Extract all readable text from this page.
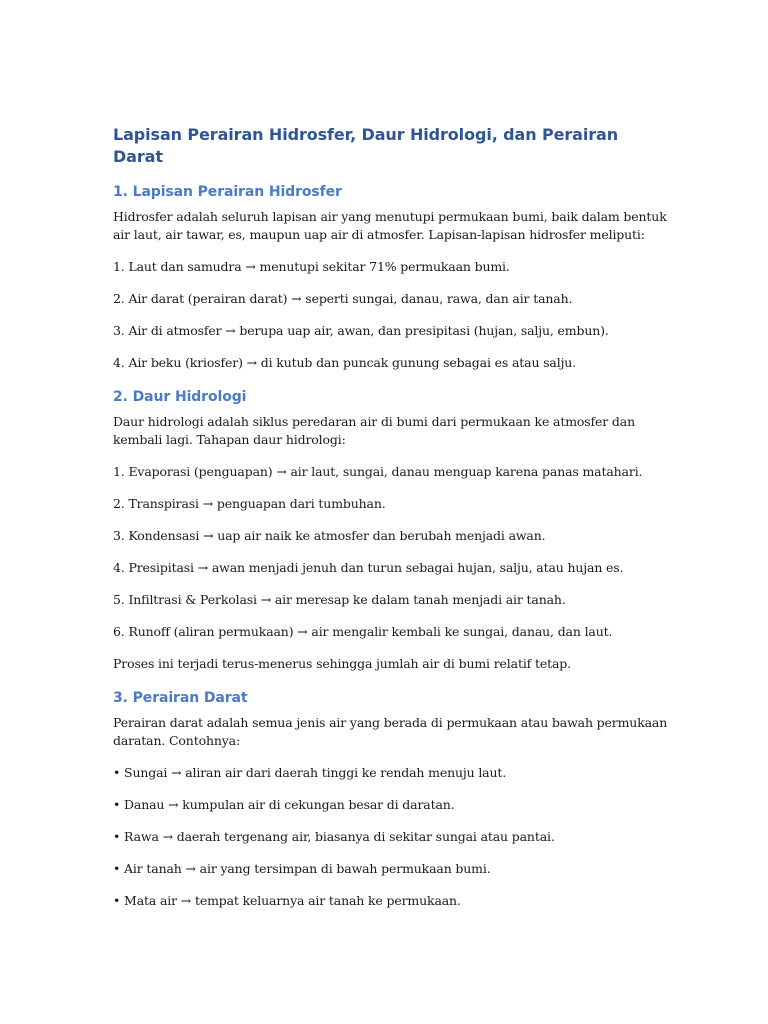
Lapisan Perairan Hidrosfer, Daur Hidrologi, dan Perairan Darat
1. Lapisan Perairan Hidrosfer

Hidrosfer adalah seluruh lapisan air yang menutupi permukaan bumi, baik dalam bentuk air laut, air tawar, es, maupun uap air di atmosfer. Lapisan-lapisan hidrosfer meliputi:

1. Laut dan samudra → menutupi sekitar 71% permukaan bumi.

2. Air darat (perairan darat) → seperti sungai, danau, rawa, dan air tanah.

3. Air di atmosfer → berupa uap air, awan, dan presipitasi (hujan, salju, embun).

4. Air beku (kriosfer) → di kutub dan puncak gunung sebagai es atau salju.

2. Daur Hidrologi

Daur hidrologi adalah siklus peredaran air di bumi dari permukaan ke atmosfer dan kembali lagi. Tahapan daur hidrologi:

1. Evaporasi (penguapan) → air laut, sungai, danau menguap karena panas matahari.

2. Transpirasi → penguapan dari tumbuhan.

3. Kondensasi → uap air naik ke atmosfer dan berubah menjadi awan.

4. Presipitasi → awan menjadi jenuh dan turun sebagai hujan, salju, atau hujan es.

5. Infiltrasi & Perkolasi → air meresap ke dalam tanah menjadi air tanah.

6. Runoff (aliran permukaan) → air mengalir kembali ke sungai, danau, dan laut.

Proses ini terjadi terus-menerus sehingga jumlah air di bumi relatif tetap.

3. Perairan Darat

Perairan darat adalah semua jenis air yang berada di permukaan atau bawah permukaan daratan. Contohnya:

• Sungai → aliran air dari daerah tinggi ke rendah menuju laut.

• Danau → kumpulan air di cekungan besar di daratan.

• Rawa → daerah tergenang air, biasanya di sekitar sungai atau pantai.

• Air tanah → air yang tersimpan di bawah permukaan bumi.

• Mata air → tempat keluarnya air tanah ke permukaan.
